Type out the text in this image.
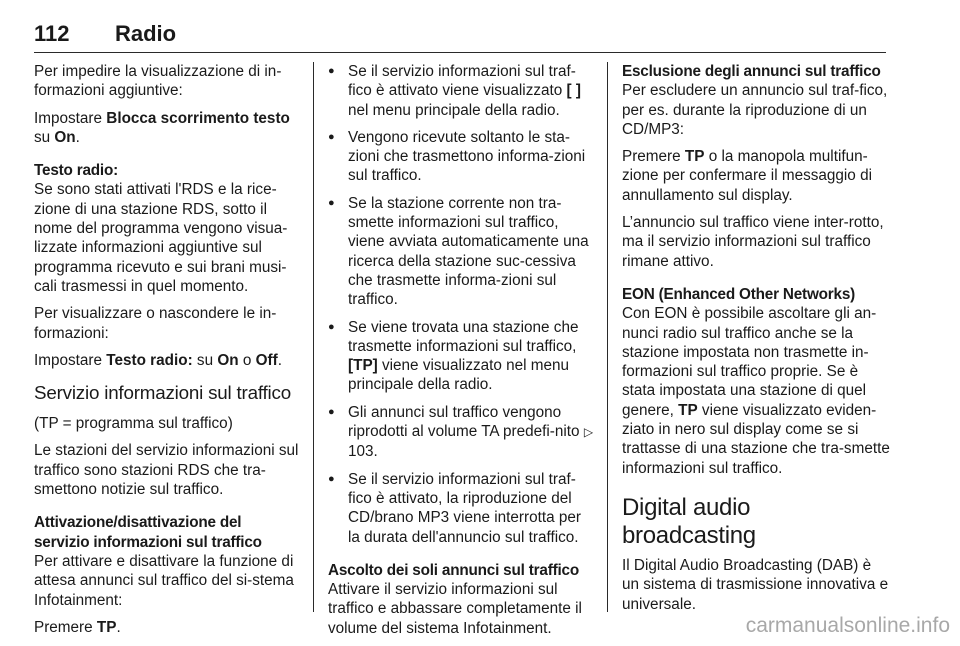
112 Radio

Per impedire la visualizzazione di in-formazioni aggiuntive:

Impostare Blocca scorrimento testo su On.

Testo radio:

Se sono stati attivati l'RDS e la rice-zione di una stazione RDS, sotto il nome del programma vengono visua-lizzate informazioni aggiuntive sul programma ricevuto e sui brani musi-cali trasmessi in quel momento.

Per visualizzare o nascondere le in-formazioni:

Impostare Testo radio: su On o Off.

Servizio informazioni sul traffico

(TP = programma sul traffico)

Le stazioni del servizio informazioni sul traffico sono stazioni RDS che tra-smettono notizie sul traffico.

Attivazione/disattivazione del servizio informazioni sul traffico

Per attivare e disattivare la funzione di attesa annunci sul traffico del si-stema Infotainment:

Premere TP.

● Se il servizio informazioni sul traf-fico è attivato viene visualizzato [ ] nel menu principale della radio.
● Vengono ricevute soltanto le sta-zioni che trasmettono informa-zioni sul traffico.
● Se la stazione corrente non tra-smette informazioni sul traffico, viene avviata automaticamente una ricerca della stazione suc-cessiva che trasmette informa-zioni sul traffico.
● Se viene trovata una stazione che trasmette informazioni sul traffico, [TP] viene visualizzato nel menu principale della radio.
● Gli annunci sul traffico vengono riprodotti al volume TA predefi-nito ▷ 103.
● Se il servizio informazioni sul traf-fico è attivato, la riproduzione del CD/brano MP3 viene interrotta per la durata dell'annuncio sul traffico.

Ascolto dei soli annunci sul traffico

Attivare il servizio informazioni sul traffico e abbassare completamente il volume del sistema Infotainment.

Esclusione degli annunci sul traffico

Per escludere un annuncio sul traf-fico, per es. durante la riproduzione di un CD/MP3:

Premere TP o la manopola multifun-zione per confermare il messaggio di annullamento sul display.

L’annuncio sul traffico viene inter-rotto, ma il servizio informazioni sul traffico rimane attivo.

EON (Enhanced Other Networks)

Con EON è possibile ascoltare gli an-nunci radio sul traffico anche se la stazione impostata non trasmette in-formazioni sul traffico proprie. Se è stata impostata una stazione di quel genere, TP viene visualizzato eviden-ziato in nero sul display come se si trattasse di una stazione che tra-smette informazioni sul traffico.

Digital audio broadcasting

Il Digital Audio Broadcasting (DAB) è un sistema di trasmissione innovativa e universale.

carmanualsonline.info
